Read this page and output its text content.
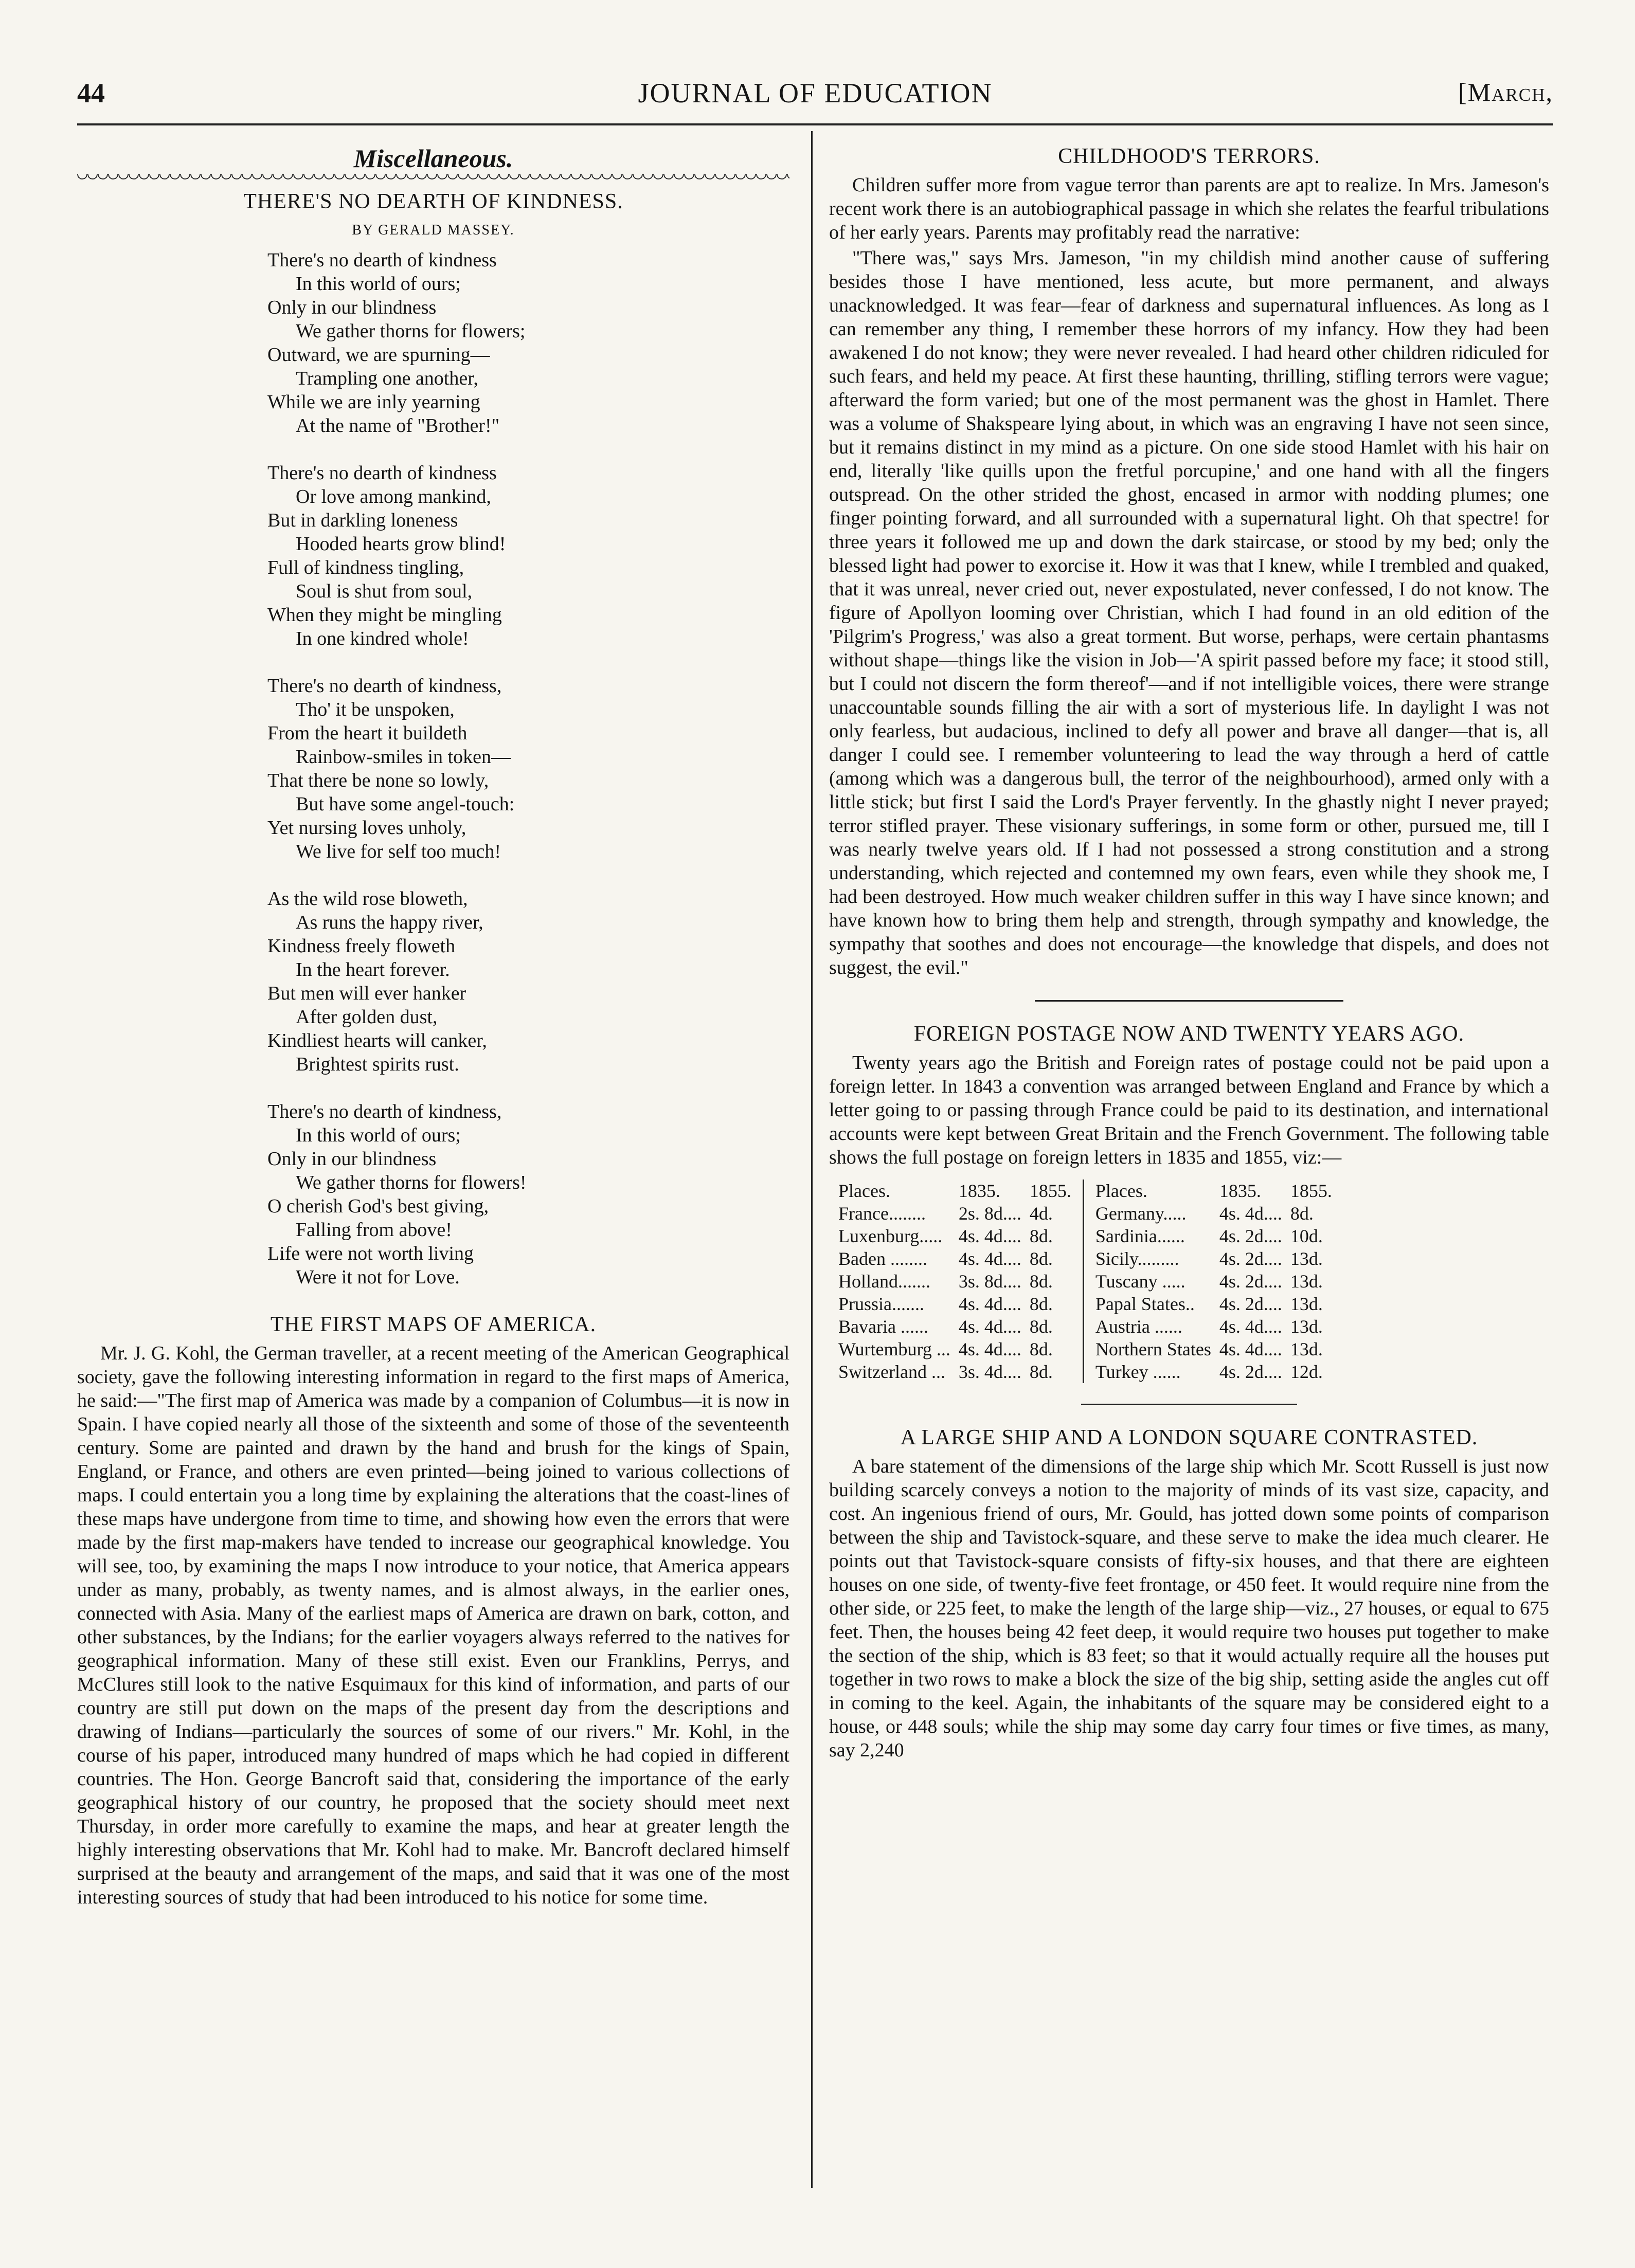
44	JOURNAL OF EDUCATION	[March,
Miscellaneous.
THERE'S NO DEARTH OF KINDNESS.
BY GERALD MASSEY.
There's no dearth of kindness
In this world of ours;
Only in our blindness
We gather thorns for flowers;
Outward, we are spurning—
Trampling one another,
While we are inly yearning
At the name of "Brother!"
There's no dearth of kindness
Or love among mankind,
But in darkling loneness
Hooded hearts grow blind!
Full of kindness tingling,
Soul is shut from soul,
When they might be mingling
In one kindred whole!
There's no dearth of kindness,
Tho' it be unspoken,
From the heart it buildeth
Rainbow-smiles in token—
That there be none so lowly,
But have some angel-touch:
Yet nursing loves unholy,
We live for self too much!
As the wild rose bloweth,
As runs the happy river,
Kindness freely floweth
In the heart forever.
But men will ever hanker
After golden dust,
Kindliest hearts will canker,
Brightest spirits rust.
There's no dearth of kindness,
In this world of ours;
Only in our blindness
We gather thorns for flowers!
O cherish God's best giving,
Falling from above!
Life were not worth living
Were it not for Love.
THE FIRST MAPS OF AMERICA.
Mr. J. G. Kohl, the German traveller, at a recent meeting of the American Geographical society, gave the following interesting information in regard to the first maps of America, he said:—"The first map of America was made by a companion of Columbus—it is now in Spain. I have copied nearly all those of the sixteenth and some of those of the seventeenth century. Some are painted and drawn by the hand and brush for the kings of Spain, England, or France, and others are even printed—being joined to various collections of maps. I could entertain you a long time by explaining the alterations that the coast-lines of these maps have undergone from time to time, and showing how even the errors that were made by the first map-makers have tended to increase our geographical knowledge. You will see, too, by examining the maps I now introduce to your notice, that America appears under as many, probably, as twenty names, and is almost always, in the earlier ones, connected with Asia. Many of the earliest maps of America are drawn on bark, cotton, and other substances, by the Indians; for the earlier voyagers always referred to the natives for geographical information. Many of these still exist. Even our Franklins, Perrys, and McClures still look to the native Esquimaux for this kind of information, and parts of our country are still put down on the maps of the present day from the descriptions and drawing of Indians—particularly the sources of some of our rivers." Mr. Kohl, in the course of his paper, introduced many hundred of maps which he had copied in different countries. The Hon. George Bancroft said that, considering the importance of the early geographical history of our country, he proposed that the society should meet next Thursday, in order more carefully to examine the maps, and hear at greater length the highly interesting observations that Mr. Kohl had to make. Mr. Bancroft declared himself surprised at the beauty and arrangement of the maps, and said that it was one of the most interesting sources of study that had been introduced to his notice for some time.
CHILDHOOD'S TERRORS.
Children suffer more from vague terror than parents are apt to realize. In Mrs. Jameson's recent work there is an autobiographical passage in which she relates the fearful tribulations of her early years. Parents may profitably read the narrative:
"There was," says Mrs. Jameson, "in my childish mind another cause of suffering besides those I have mentioned, less acute, but more permanent, and always unacknowledged. It was fear—fear of darkness and supernatural influences. As long as I can remember any thing, I remember these horrors of my infancy. How they had been awakened I do not know; they were never revealed. I had heard other children ridiculed for such fears, and held my peace. At first these haunting, thrilling, stifling terrors were vague; afterward the form varied; but one of the most permanent was the ghost in Hamlet. There was a volume of Shakspeare lying about, in which was an engraving I have not seen since, but it remains distinct in my mind as a picture. On one side stood Hamlet with his hair on end, literally 'like quills upon the fretful porcupine,' and one hand with all the fingers outspread. On the other strided the ghost, encased in armor with nodding plumes; one finger pointing forward, and all surrounded with a supernatural light. Oh that spectre! for three years it followed me up and down the dark staircase, or stood by my bed; only the blessed light had power to exorcise it. How it was that I knew, while I trembled and quaked, that it was unreal, never cried out, never expostulated, never confessed, I do not know. The figure of Apollyon looming over Christian, which I had found in an old edition of the 'Pilgrim's Progress,' was also a great torment. But worse, perhaps, were certain phantasms without shape—things like the vision in Job—'A spirit passed before my face; it stood still, but I could not discern the form thereof'—and if not intelligible voices, there were strange unaccountable sounds filling the air with a sort of mysterious life. In daylight I was not only fearless, but audacious, inclined to defy all power and brave all danger—that is, all danger I could see. I remember volunteering to lead the way through a herd of cattle (among which was a dangerous bull, the terror of the neighbourhood), armed only with a little stick; but first I said the Lord's Prayer fervently. In the ghastly night I never prayed; terror stifled prayer. These visionary sufferings, in some form or other, pursued me, till I was nearly twelve years old. If I had not possessed a strong constitution and a strong understanding, which rejected and contemned my own fears, even while they shook me, I had been destroyed. How much weaker children suffer in this way I have since known; and have known how to bring them help and strength, through sympathy and knowledge, the sympathy that soothes and does not encourage—the knowledge that dispels, and does not suggest, the evil."
FOREIGN POSTAGE NOW AND TWENTY YEARS AGO.
Twenty years ago the British and Foreign rates of postage could not be paid upon a foreign letter. In 1843 a convention was arranged between England and France by which a letter going to or passing through France could be paid to its destination, and international accounts were kept between Great Britain and the French Government. The following table shows the full postage on foreign letters in 1835 and 1855, viz:—
Places.	1835.	1855.
France........	2s. 8d....	4d.
Luxenburg.....	4s. 4d....	8d.
Baden ........	4s. 4d....	8d.
Holland.......	3s. 8d....	8d.
Prussia.......	4s. 4d....	8d.
Bavaria ......	4s. 4d....	8d.
Wurtemburg ...	4s. 4d....	8d.
Switzerland ...	3s. 4d....	8d.
Places.	1835.	1855.
Germany.....	4s. 4d....	8d.
Sardinia......	4s. 2d....	10d.
Sicily.........	4s. 2d....	13d.
Tuscany .....	4s. 2d....	13d.
Papal States..	4s. 2d....	13d.
Austria ......	4s. 4d....	13d.
Northern States	4s. 4d....	13d.
Turkey ......	4s. 2d....	12d.
A LARGE SHIP AND A LONDON SQUARE CONTRASTED.
A bare statement of the dimensions of the large ship which Mr. Scott Russell is just now building scarcely conveys a notion to the majority of minds of its vast size, capacity, and cost. An ingenious friend of ours, Mr. Gould, has jotted down some points of comparison between the ship and Tavistock-square, and these serve to make the idea much clearer. He points out that Tavistock-square consists of fifty-six houses, and that there are eighteen houses on one side, of twenty-five feet frontage, or 450 feet. It would require nine from the other side, or 225 feet, to make the length of the large ship—viz., 27 houses, or equal to 675 feet. Then, the houses being 42 feet deep, it would require two houses put together to make the section of the ship, which is 83 feet; so that it would actually require all the houses put together in two rows to make a block the size of the big ship, setting aside the angles cut off in coming to the keel. Again, the inhabitants of the square may be considered eight to a house, or 448 souls; while the ship may some day carry four times or five times, as many, say 2,240
